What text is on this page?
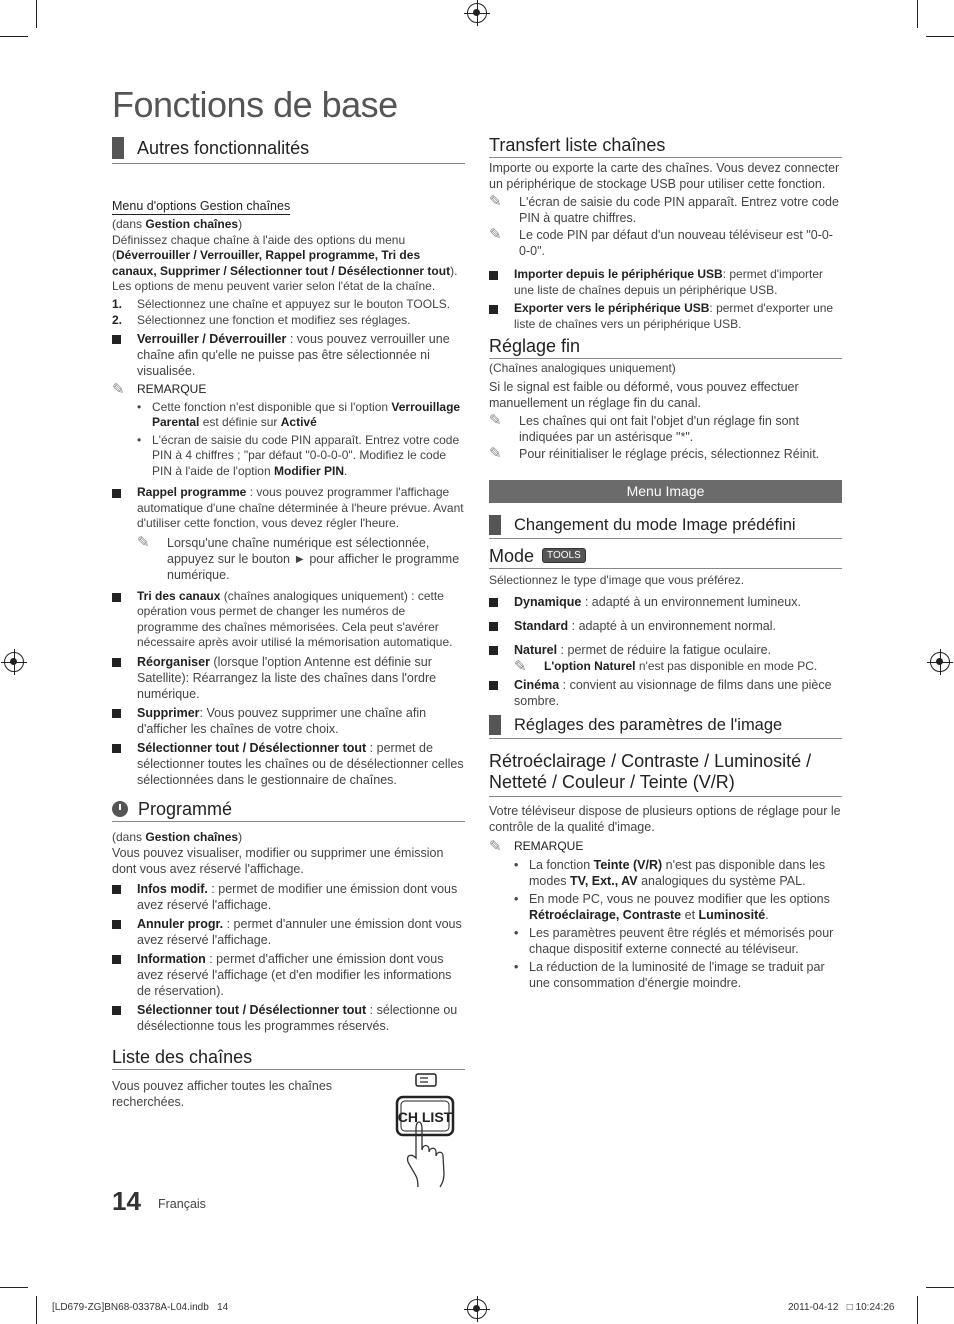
Fonctions de base
Autres fonctionnalités
Menu d'options Gestion chaînes
(dans Gestion chaînes)

Définissez chaque chaîne à l'aide des options du menu (Déverrouiller / Verrouiller, Rappel programme, Tri des canaux, Supprimer / Sélectionner tout / Désélectionner tout). Les options de menu peuvent varier selon l'état de la chaîne.

1.	Sélectionnez une chaîne et appuyez sur le bouton TOOLS.
2.	Sélectionnez une fonction et modifiez ses réglages.
Verrouiller / Déverrouiller : vous pouvez verrouiller une chaîne afin qu'elle ne puisse pas être sélectionnée ni visualisée.
✎	REMARQUE
• Cette fonction n'est disponible que si l'option Verrouillage Parental est définie sur Activé
• L'écran de saisie du code PIN apparaît. Entrez votre code PIN à 4 chiffres ; "par défaut "0-0-0-0". Modifiez le code PIN à l'aide de l'option Modifier PIN.
Rappel programme : vous pouvez programmer l'affichage automatique d'une chaîne déterminée à l'heure prévue. Avant d'utiliser cette fonction, vous devez régler l'heure.
✎	Lorsqu'une chaîne numérique est sélectionnée, appuyez sur le bouton ► pour afficher le programme numérique.
Tri des canaux (chaînes analogiques uniquement) : cette opération vous permet de changer les numéros de programme des chaînes mémorisées. Cela peut s'avérer nécessaire après avoir utilisé la mémorisation automatique.
Réorganiser (lorsque l'option Antenne est définie sur Satellite): Réarrangez la liste des chaînes dans l'ordre numérique.
Supprimer: Vous pouvez supprimer une chaîne afin d'afficher les chaînes de votre choix.
Sélectionner tout / Désélectionner tout : permet de sélectionner toutes les chaînes ou de désélectionner celles sélectionnées dans le gestionnaire de chaînes.
Programmé
(dans Gestion chaînes)

Vous pouvez visualiser, modifier ou supprimer une émission dont vous avez réservé l'affichage.

Infos modif. : permet de modifier une émission dont vous avez réservé l'affichage.
Annuler progr. : permet d'annuler une émission dont vous avez réservé l'affichage.
Information : permet d'afficher une émission dont vous avez réservé l'affichage (et d'en modifier les informations de réservation).
Sélectionner tout / Désélectionner tout : sélectionne ou désélectionne tous les programmes réservés.
Liste des chaînes

Vous pouvez afficher toutes les chaînes recherchées.

CH LIST
Transfert liste chaînes

Importe ou exporte la carte des chaînes. Vous devez connecter un périphérique de stockage USB pour utiliser cette fonction.

✎	L'écran de saisie du code PIN apparaît. Entrez votre code PIN à quatre chiffres.
✎	Le code PIN par défaut d'un nouveau téléviseur est "0-0-0-0".
Importer depuis le périphérique USB: permet d'importer une liste de chaînes depuis un périphérique USB.
Exporter vers le périphérique USB: permet d'exporter une liste de chaînes vers un périphérique USB.
Réglage fin
(Chaînes analogiques uniquement)

Si le signal est faible ou déformé, vous pouvez effectuer manuellement un réglage fin du canal.

✎	Les chaînes qui ont fait l'objet d'un réglage fin sont indiquées par un astérisque "*".
✎	Pour réinitialiser le réglage précis, sélectionnez Réinit.
Menu Image
Changement du mode Image prédéfini
Mode	TOOLS

Sélectionnez le type d'image que vous préférez.

Dynamique : adapté à un environnement lumineux.
Standard : adapté à un environnement normal.
Naturel : permet de réduire la fatigue oculaire.
✎	L'option Naturel n'est pas disponible en mode PC.
Cinéma : convient au visionnage de films dans une pièce sombre.
Réglages des paramètres de l'image
Rétroéclairage / Contraste / Luminosité / Netteté / Couleur / Teinte (V/R)

Votre téléviseur dispose de plusieurs options de réglage pour le contrôle de la qualité d'image.

✎	REMARQUE
• La fonction Teinte (V/R) n'est pas disponible dans les modes TV, Ext., AV analogiques du système PAL.
• En mode PC, vous ne pouvez modifier que les options Rétroéclairage, Contraste et Luminosité.
• Les paramètres peuvent être réglés et mémorisés pour chaque dispositif externe connecté au téléviseur.
• La réduction de la luminosité de l'image se traduit par une consommation d'énergie moindre.
14 Français
[LD679-ZG]BN68-03378A-L04.indb   14	2011-04-12   □ 10:24:26
